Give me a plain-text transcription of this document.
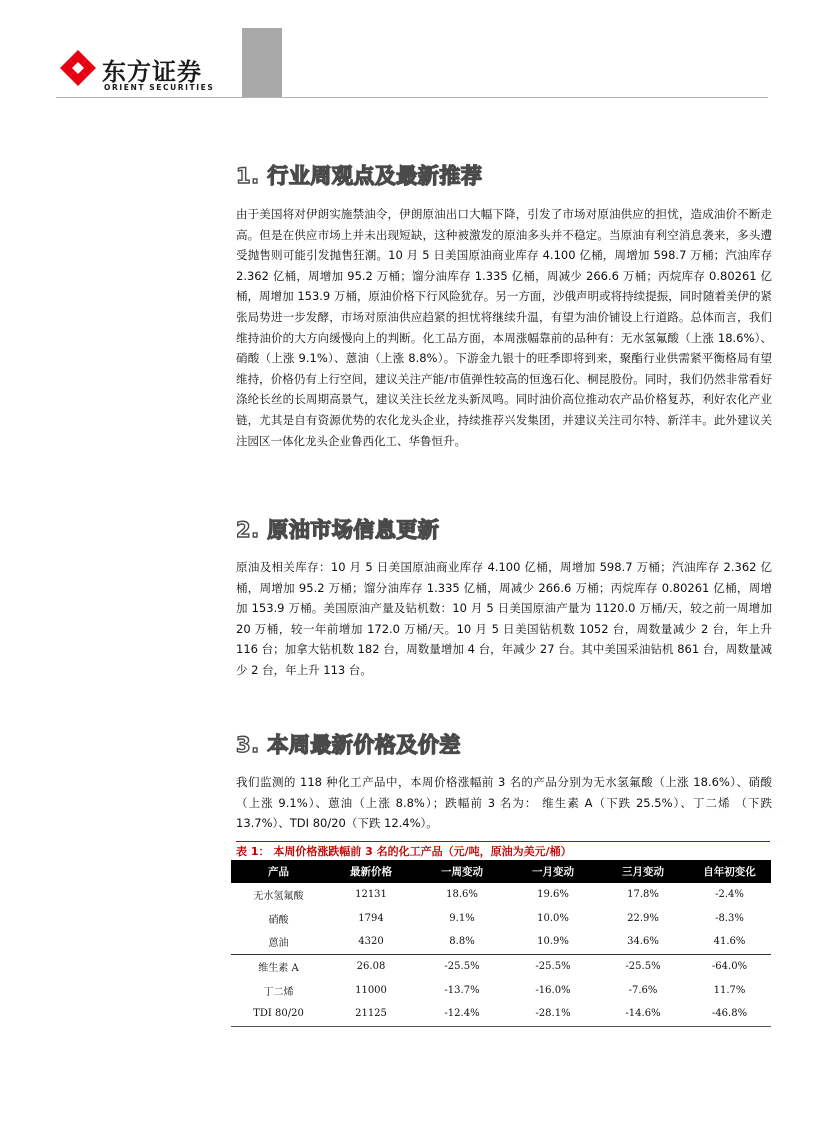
东方证券
ORIENT SECURITIES
1. 行业周观点及最新推荐
由于美国将对伊朗实施禁油令，伊朗原油出口大幅下降，引发了市场对原油供应的担忧，造成油价不断走高。但是在供应市场上并未出现短缺，这种被激发的原油多头并不稳定。当原油有利空消息袭来，多头遭受抛售则可能引发抛售狂潮。10 月 5 日美国原油商业库存 4.100 亿桶，周增加 598.7 万桶；汽油库存 2.362 亿桶，周增加 95.2 万桶；馏分油库存 1.335 亿桶，周减少 266.6 万桶；丙烷库存 0.80261 亿桶，周增加 153.9 万桶，原油价格下行风险犹存。另一方面，沙俄声明或将持续提振，同时随着美伊的紧张局势进一步发酵，市场对原油供应趋紧的担忧将继续升温，有望为油价铺设上行道路。总体而言，我们维持油价的大方向缓慢向上的判断。化工品方面，本周涨幅靠前的品种有：无水氢氟酸（上涨 18.6%）、硝酸（上涨 9.1%）、蒽油（上涨 8.8%）。下游金九银十的旺季即将到来，聚酯行业供需紧平衡格局有望维持，价格仍有上行空间，建议关注产能/市值弹性较高的恒逸石化、桐昆股份。同时，我们仍然非常看好涤纶长丝的长周期高景气，建议关注长丝龙头新凤鸣。同时油价高位推动农产品价格复苏，利好农化产业链，尤其是自有资源优势的农化龙头企业，持续推荐兴发集团，并建议关注司尔特、新洋丰。此外建议关注园区一体化龙头企业鲁西化工、华鲁恒升。
2. 原油市场信息更新
原油及相关库存：10 月 5 日美国原油商业库存 4.100 亿桶，周增加 598.7 万桶；汽油库存 2.362 亿桶，周增加 95.2 万桶；馏分油库存 1.335 亿桶，周减少 266.6 万桶；丙烷库存 0.80261 亿桶，周增加 153.9 万桶。美国原油产量及钻机数：10 月 5 日美国原油产量为 1120.0 万桶/天，较之前一周增加 20 万桶，较一年前增加 172.0 万桶/天。10 月 5 日美国钻机数 1052 台，周数量减少 2 台，年上升 116 台；加拿大钻机数 182 台，周数量增加 4 台，年减少 27 台。其中美国采油钻机 861 台，周数量减少 2 台，年上升 113 台。
3. 本周最新价格及价差
我们监测的 118 种化工产品中，本周价格涨幅前 3 名的产品分别为无水氢氟酸（上涨 18.6%）、硝酸（上涨 9.1%）、蒽油（上涨 8.8%）；跌幅前 3 名为： 维生素 A（下跌 25.5%）、丁二烯 （下跌 13.7%）、TDI 80/20（下跌 12.4%）。
表 1： 本周价格涨跌幅前 3 名的化工产品（元/吨，原油为美元/桶）
产品	最新价格	一周变动	一月变动	三月变动	自年初变化
无水氢氟酸	12131	18.6%	19.6%	17.8%	-2.4%
硝酸	1794	9.1%	10.0%	22.9%	-8.3%
蒽油	4320	8.8%	10.9%	34.6%	41.6%
维生素 A	26.08	-25.5%	-25.5%	-25.5%	-64.0%
丁二烯	11000	-13.7%	-16.0%	-7.6%	11.7%
TDI 80/20	21125	-12.4%	-28.1%	-14.6%	-46.8%
